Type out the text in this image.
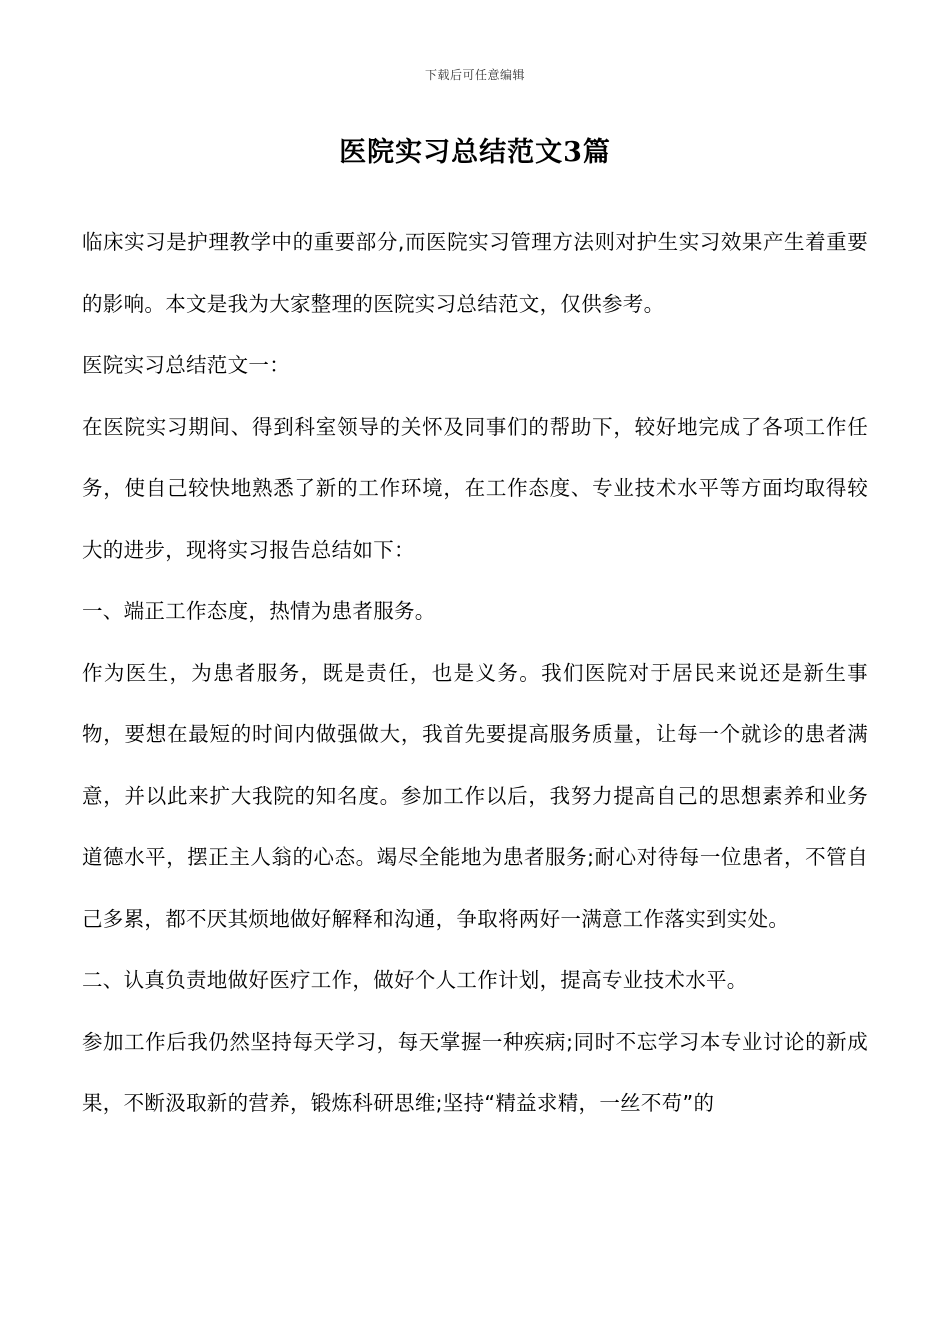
下载后可任意编辑
医院实习总结范文3篇

临床实习是护理教学中的重要部分,而医院实习管理方法则对护生实习效果产生着重要的影响。本文是我为大家整理的医院实习总结范文，仅供参考。

医院实习总结范文一：

在医院实习期间、得到科室领导的关怀及同事们的帮助下，较好地完成了各项工作任务，使自己较快地熟悉了新的工作环境，在工作态度、专业技术水平等方面均取得较大的进步，现将实习报告总结如下：

一、端正工作态度，热情为患者服务。

作为医生，为患者服务，既是责任，也是义务。我们医院对于居民来说还是新生事物，要想在最短的时间内做强做大，我首先要提高服务质量，让每一个就诊的患者满意，并以此来扩大我院的知名度。参加工作以后，我努力提高自己的思想素养和业务道德水平，摆正主人翁的心态。竭尽全能地为患者服务;耐心对待每一位患者，不管自己多累，都不厌其烦地做好解释和沟通，争取将两好一满意工作落实到实处。

二、认真负责地做好医疗工作，做好个人工作计划，提高专业技术水平。

参加工作后我仍然坚持每天学习，每天掌握一种疾病;同时不忘学习本专业讨论的新成果，不断汲取新的营养，锻炼科研思维;坚持“精益求精，一丝不苟”的
